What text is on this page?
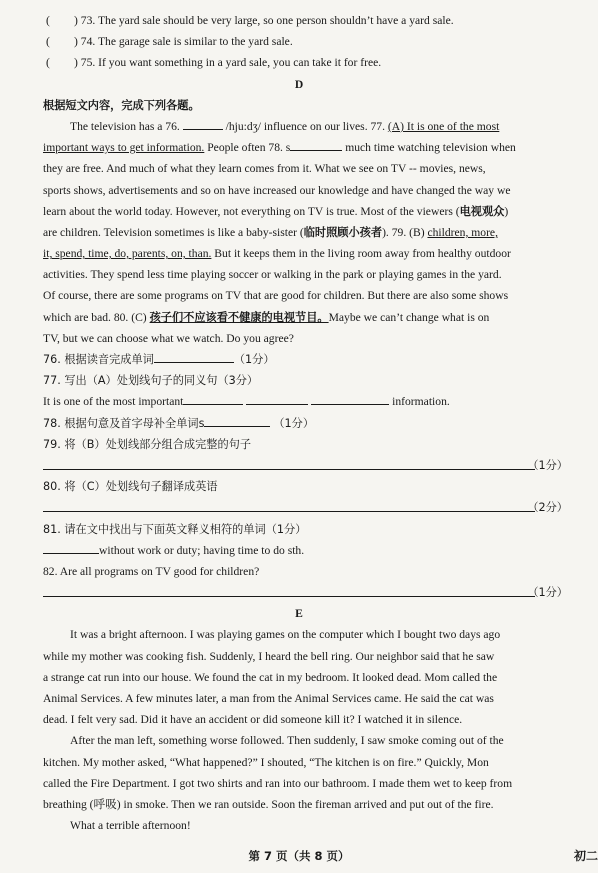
( ) 73. The yard sale should be very large, so one person shouldn’t have a yard sale.
( ) 74. The garage sale is similar to the yard sale.
( ) 75. If you want something in a yard sale, you can take it for free.
D
根据短文内容，完成下列各题。
The television has a 76.	/hju:dʒ/ influence on our lives. 77. (A) It is one of the most
important ways to get information. People often 78. s	much time watching television when
they are free. And much of what they learn comes from it. What we see on TV -- movies, news,
sports shows, advertisements and so on have increased our knowledge and have changed the way we
learn about the world today. However, not everything on TV is true. Most of the viewers (电视观众)
are children. Television sometimes is like a baby-sister (临时照顾小孩者). 79. (B) children, more,
it, spend, time, do, parents, on, than. But it keeps them in the living room away from healthy outdoor
activities. They spend less time playing soccer or walking in the park or playing games in the yard.
Of course, there are some programs on TV that are good for children. But there are also some shows
which are bad. 80. (C) 孩子们不应该看不健康的电视节目。Maybe we can’t change what is on
TV, but we can choose what we watch. Do you agree?
76. 根据读音完成单词	（1分）
77. 写出（A）处划线句子的同义句（3分）
It is one of the most important	information.
78. 根据句意及首字母补全单词s	（1分）
79. 将（B）处划线部分组合成完整的句子
（1分）
80. 将（C）处划线句子翻译成英语
（2分）
81. 请在文中找出与下面英文释义相符的单词（1分）
without work or duty; having time to do sth.
82. Are all programs on TV good for children?
（1分）
E
It was a bright afternoon. I was playing games on the computer which I bought two days ago
while my mother was cooking fish. Suddenly, I heard the bell ring. Our neighbor said that he saw
a strange cat run into our house. We found the cat in my bedroom. It looked dead. Mom called the
Animal Services. A few minutes later, a man from the Animal Services came. He said the cat was
dead. I felt very sad. Did it have an accident or did someone kill it? I watched it in silence.
After the man left, something worse followed. Then suddenly, I saw smoke coming out of the
kitchen. My mother asked, “What happened?” I shouted, “The kitchen is on fire.” Quickly, Mon
called the Fire Department. I got two shirts and ran into our bathroom. I made them wet to keep from
breathing (呼吸) in smoke. Then we ran outside. Soon the fireman arrived and put out of the fire.
What a terrible afternoon!
第 7 页（共 8 页）	初二
